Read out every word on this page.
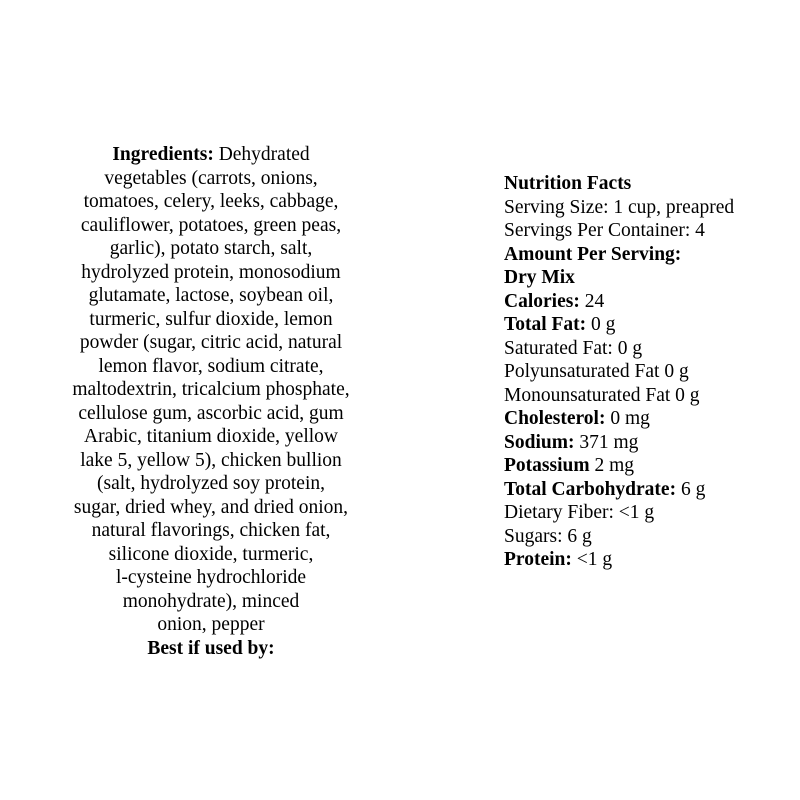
Ingredients: Dehydrated
vegetables (carrots, onions,
tomatoes, celery, leeks, cabbage,
cauliflower, potatoes, green peas,
garlic), potato starch, salt,
hydrolyzed protein, monosodium
glutamate, lactose, soybean oil,
turmeric, sulfur dioxide, lemon
powder (sugar, citric acid, natural
lemon flavor, sodium citrate,
maltodextrin, tricalcium phosphate,
cellulose gum, ascorbic acid, gum
Arabic, titanium dioxide, yellow
lake 5, yellow 5), chicken bullion
(salt, hydrolyzed soy protein,
sugar, dried whey, and dried onion,
natural flavorings, chicken fat,
silicone dioxide, turmeric,
l-cysteine hydrochloride
monohydrate), minced
onion, pepper
Best if used by:
Nutrition Facts
Serving Size: 1 cup, preapred
Servings Per Container: 4
Amount Per Serving:
Dry Mix
Calories: 24
Total Fat: 0 g
Saturated Fat: 0 g
Polyunsaturated Fat 0 g
Monounsaturated Fat 0 g
Cholesterol: 0 mg
Sodium: 371 mg
Potassium 2 mg
Total Carbohydrate: 6 g
Dietary Fiber: <1 g
Sugars: 6 g
Protein: <1 g
